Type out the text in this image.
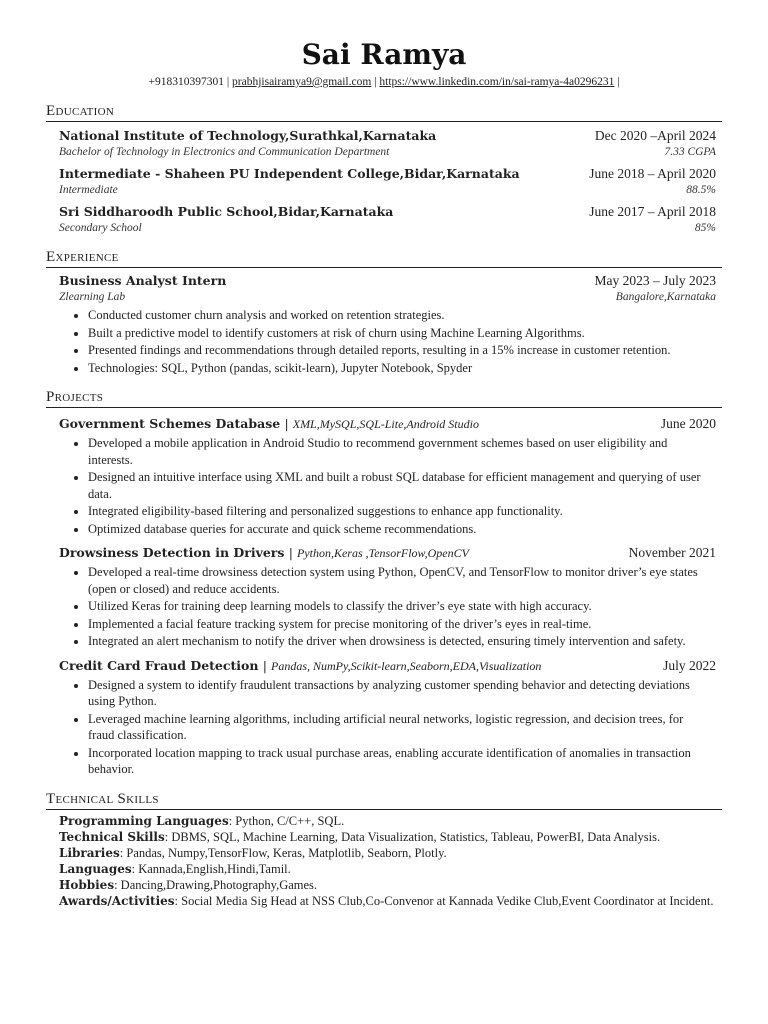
Sai Ramya
+918310397301 | prabhjisairamya9@gmail.com | https://www.linkedin.com/in/sai-ramya-4a0296231 |
Education
National Institute of Technology,Surathkal,Karnataka	Dec 2020 –April 2024
Bachelor of Technology in Electronics and Communication Department	7.33 CGPA
Intermediate - Shaheen PU Independent College,Bidar,Karnataka	June 2018 – April 2020
Intermediate	88.5%
Sri Siddharoodh Public School,Bidar,Karnataka	June 2017 – April 2018
Secondary School	85%
Experience
Business Analyst Intern	May 2023 – July 2023
Zlearning Lab	Bangalore,Karnataka
• Conducted customer churn analysis and worked on retention strategies.
• Built a predictive model to identify customers at risk of churn using Machine Learning Algorithms.
• Presented findings and recommendations through detailed reports, resulting in a 15% increase in customer retention.
• Technologies: SQL, Python (pandas, scikit-learn), Jupyter Notebook, Spyder
Projects
Government Schemes Database | XML,MySQL,SQL-Lite,Android Studio	June 2020
• Developed a mobile application in Android Studio to recommend government schemes based on user eligibility and interests.
• Designed an intuitive interface using XML and built a robust SQL database for efficient management and querying of user data.
• Integrated eligibility-based filtering and personalized suggestions to enhance app functionality.
• Optimized database queries for accurate and quick scheme recommendations.
Drowsiness Detection in Drivers | Python,Keras ,TensorFlow,OpenCV	November 2021
• Developed a real-time drowsiness detection system using Python, OpenCV, and TensorFlow to monitor driver’s eye states (open or closed) and reduce accidents.
• Utilized Keras for training deep learning models to classify the driver’s eye state with high accuracy.
• Implemented a facial feature tracking system for precise monitoring of the driver’s eyes in real-time.
• Integrated an alert mechanism to notify the driver when drowsiness is detected, ensuring timely intervention and safety.
Credit Card Fraud Detection | Pandas, NumPy,Scikit-learn,Seaborn,EDA,Visualization	July 2022
• Designed a system to identify fraudulent transactions by analyzing customer spending behavior and detecting deviations using Python.
• Leveraged machine learning algorithms, including artificial neural networks, logistic regression, and decision trees, for fraud classification.
• Incorporated location mapping to track usual purchase areas, enabling accurate identification of anomalies in transaction behavior.
Technical Skills
Programming Languages: Python, C/C++, SQL.
Technical Skills: DBMS, SQL, Machine Learning, Data Visualization, Statistics, Tableau, PowerBI, Data Analysis.
Libraries: Pandas, Numpy,TensorFlow, Keras, Matplotlib, Seaborn, Plotly.
Languages: Kannada,English,Hindi,Tamil.
Hobbies: Dancing,Drawing,Photography,Games.
Awards/Activities: Social Media Sig Head at NSS Club,Co-Convenor at Kannada Vedike Club,Event Coordinator at Incident.
